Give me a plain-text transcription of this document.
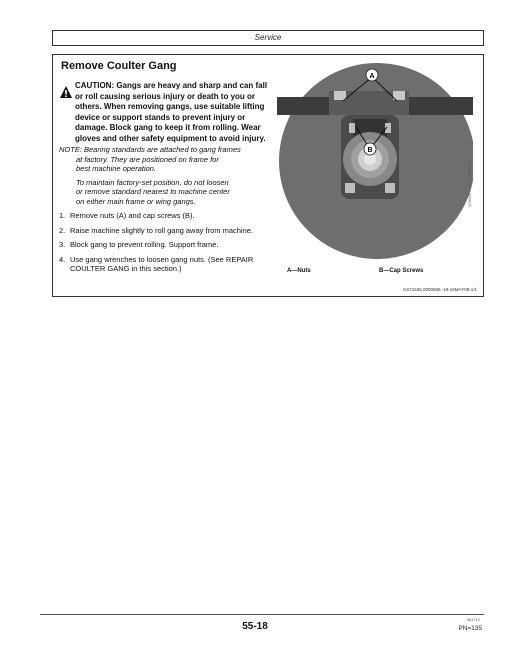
Service
Remove Coulter Gang
CAUTION: Gangs are heavy and sharp and can fall or roll causing serious injury or death to you or others. When removing gangs, use suitable lifting device or support stands to prevent injury or damage. Block gang to keep it from rolling. Wear gloves and other safety equipment to avoid injury.

NOTE: Bearing standards are attached to gang frames

at factory. They are positioned on frame for

best machine operation.

To maintain factory-set position, do not loosen

or remove standard nearest to machine center

on either main frame or wing gangs.

1. Remove nuts (A) and cap screws (B).
2. Raise machine slightly to roll gang away from machine.
3. Block gang to prevent rolling. Support frame.
4. Use gang wrenches to loosen gang nuts. (See REPAIR COULTER GANG in this section.)
A
B
N76836 —UN—18MAY07
A—Nuts	B—Cap Screws
KS71636,0000585 -19-15MAY08-1/1
55-18
061710
PN=135
